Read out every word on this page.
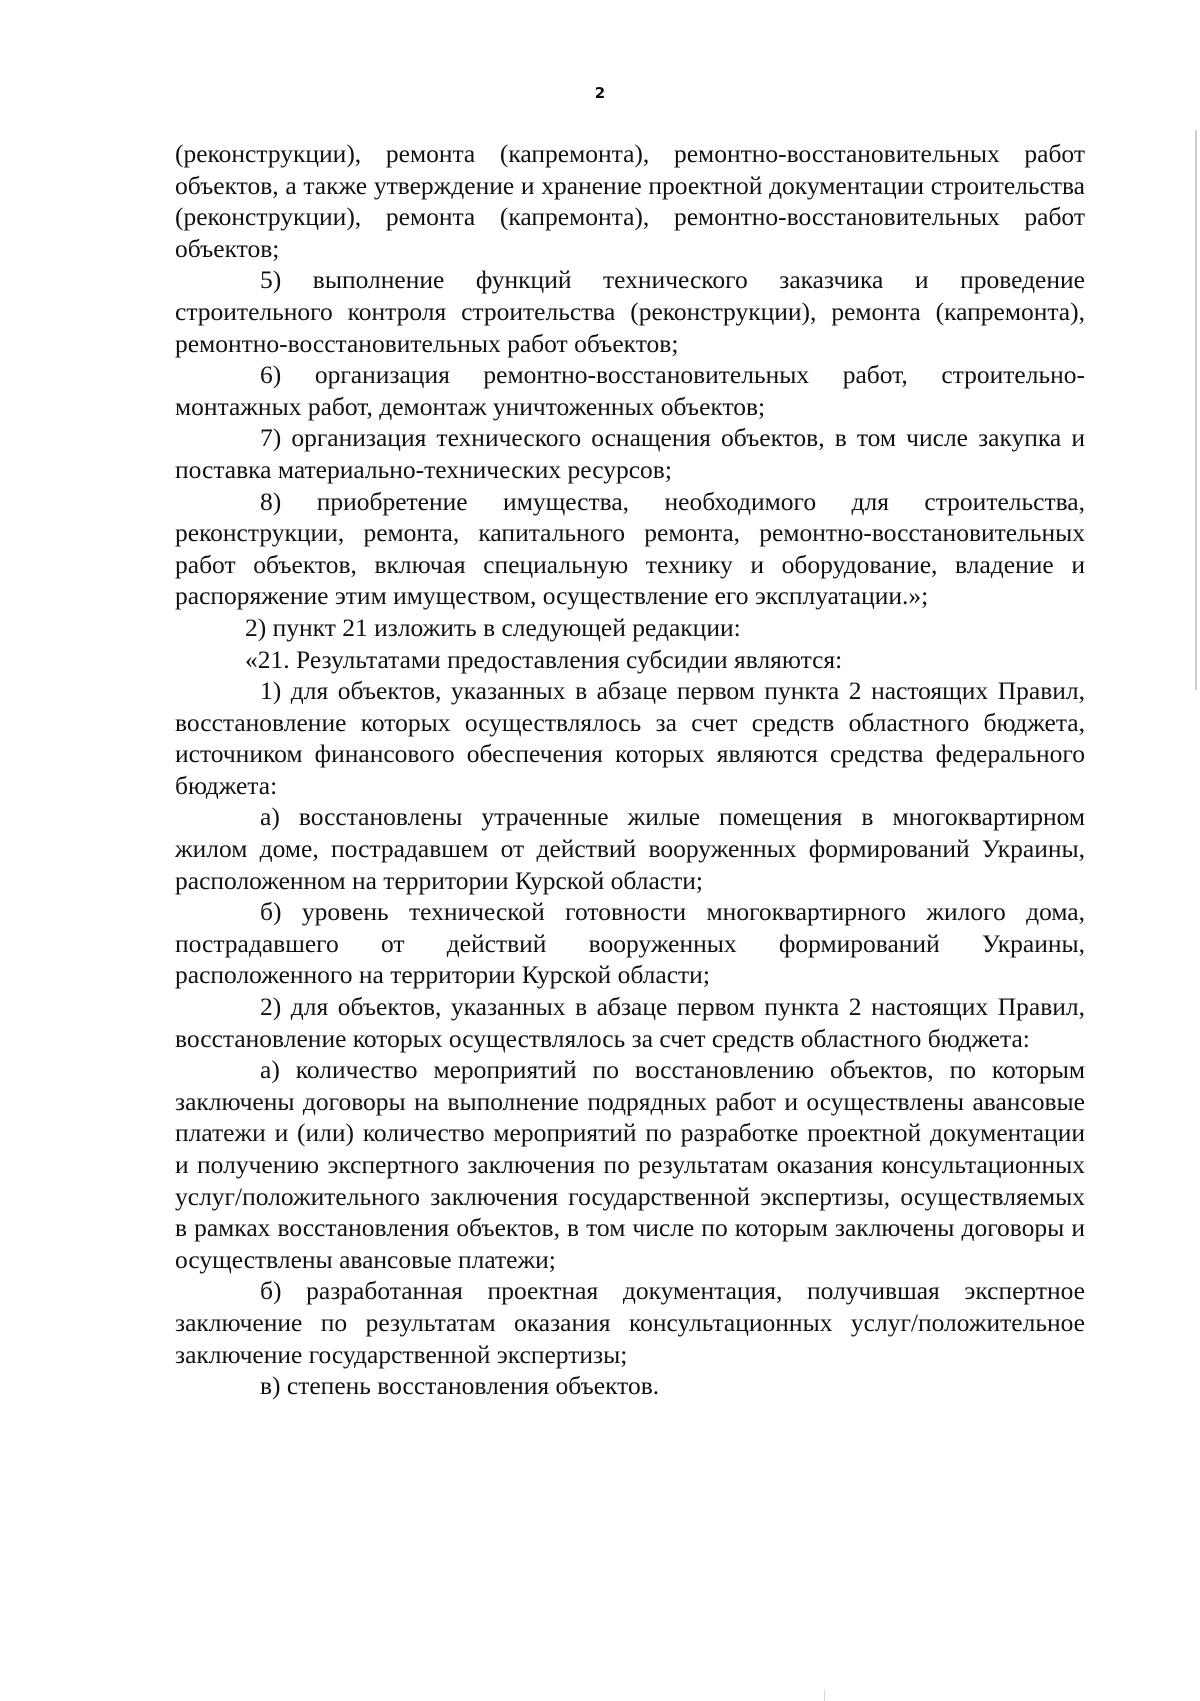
2

(реконструкции), ремонта (капремонта), ремонтно-восстановительных работ объектов, а также утверждение и хранение проектной документации строительства (реконструкции), ремонта (капремонта), ремонтно-восстановительных работ объектов;

5) выполнение функций технического заказчика и проведение строительного контроля строительства (реконструкции), ремонта (капремонта), ремонтно-восстановительных работ объектов;

6) организация ремонтно-восстановительных работ, строительно-монтажных работ, демонтаж уничтоженных объектов;

7) организация технического оснащения объектов, в том числе закупка и поставка материально-технических ресурсов;

8) приобретение имущества, необходимого для строительства, реконструкции, ремонта, капитального ремонта, ремонтно-восстановительных работ объектов, включая специальную технику и оборудование, владение и распоряжение этим имуществом, осуществление его эксплуатации.»;

2) пункт 21 изложить в следующей редакции:

«21. Результатами предоставления субсидии являются:

1) для объектов, указанных в абзаце первом пункта 2 настоящих Правил, восстановление которых осуществлялось за счет средств областного бюджета, источником финансового обеспечения которых являются средства федерального бюджета:

а) восстановлены утраченные жилые помещения в многоквартирном жилом доме, пострадавшем от действий вооруженных формирований Украины, расположенном на территории Курской области;

б) уровень технической готовности многоквартирного жилого дома, пострадавшего от действий вооруженных формирований Украины, расположенного на территории Курской области;

2) для объектов, указанных в абзаце первом пункта 2 настоящих Правил, восстановление которых осуществлялось за счет средств областного бюджета:

а) количество мероприятий по восстановлению объектов, по которым заключены договоры на выполнение подрядных работ и осуществлены авансовые платежи и (или) количество мероприятий по разработке проектной документации и получению экспертного заключения по результатам оказания консультационных услуг/положительного заключения государственной экспертизы, осуществляемых в рамках восстановления объектов, в том числе по которым заключены договоры и осуществлены авансовые платежи;

б) разработанная проектная документация, получившая экспертное заключение по результатам оказания консультационных услуг/положительное заключение государственной экспертизы;

в) степень восстановления объектов.
